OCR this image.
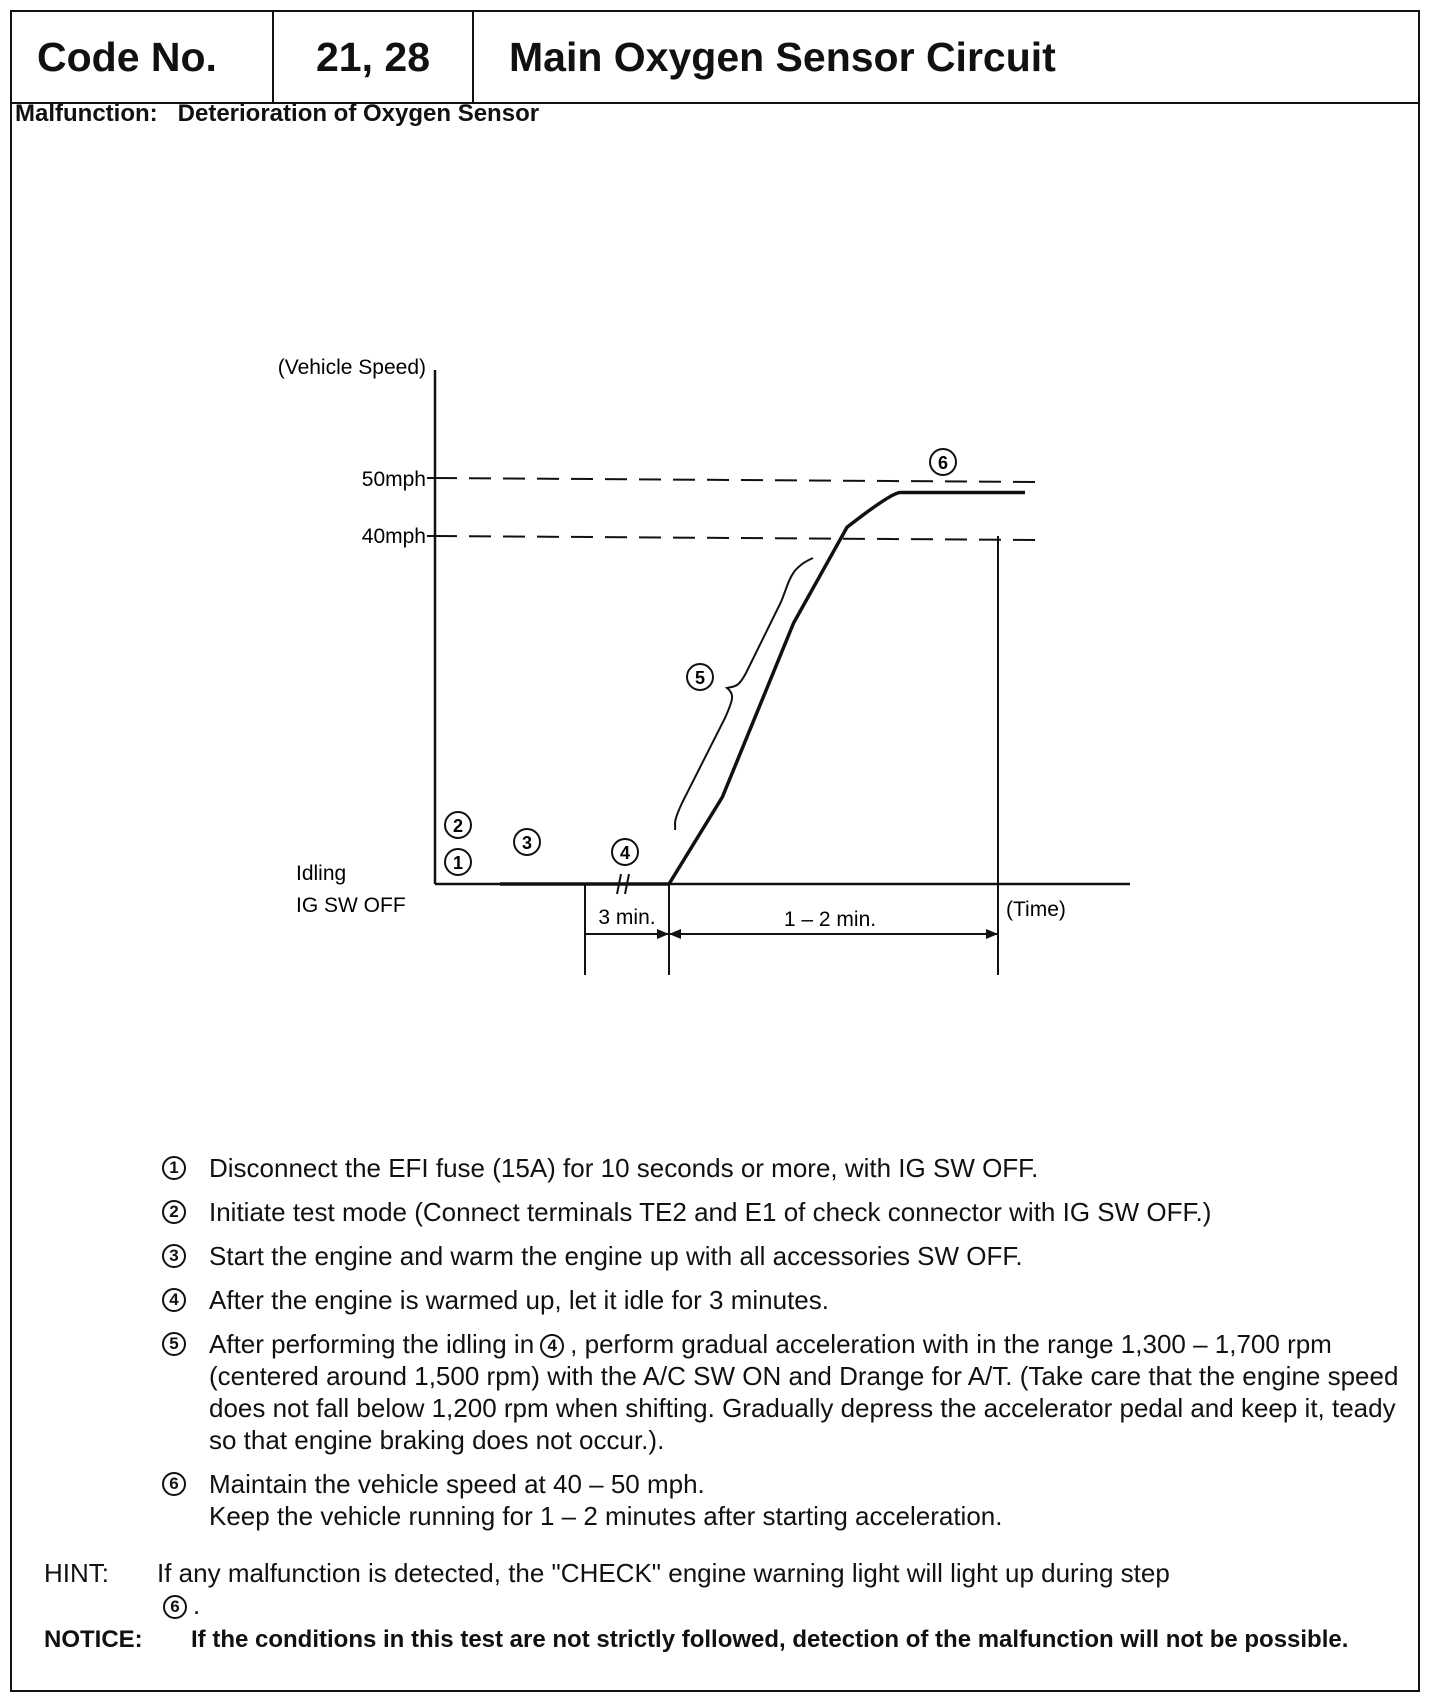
Code No.	21, 28	Main Oxygen Sensor Circuit
Malfunction: Deterioration of Oxygen Sensor
(Vehicle Speed)
50mph
40mph
Idling
IG SW OFF	(Time)
3 min.	1 – 2 min.
1
2
3	4
5
6
1 Disconnect the EFI fuse (15A) for 10 seconds or more, with IG SW OFF.
2 Initiate test mode (Connect terminals TE2 and E1 of check connector with IG SW OFF.)
3 Start the engine and warm the engine up with all accessories SW OFF.
4 After the engine is warmed up, let it idle for 3 minutes.
5 After performing the idling in 4 , perform gradual acceleration with in the range 1,300 – 1,700 rpm (centered around 1,500 rpm) with the A/C SW ON and Drange for A/T. (Take care that the engine speed does not fall below 1,200 rpm when shifting. Gradually depress the accelerator pedal and keep it, teady so that engine braking does not occur.).
6 Maintain the vehicle speed at 40 – 50 mph.
Keep the vehicle running for 1 – 2 minutes after starting acceleration.
HINT: If any malfunction is detected, the "CHECK" engine warning light will light up during step
6 .
NOTICE: If the conditions in this test are not strictly followed, detection of the malfunction will not be possible.
